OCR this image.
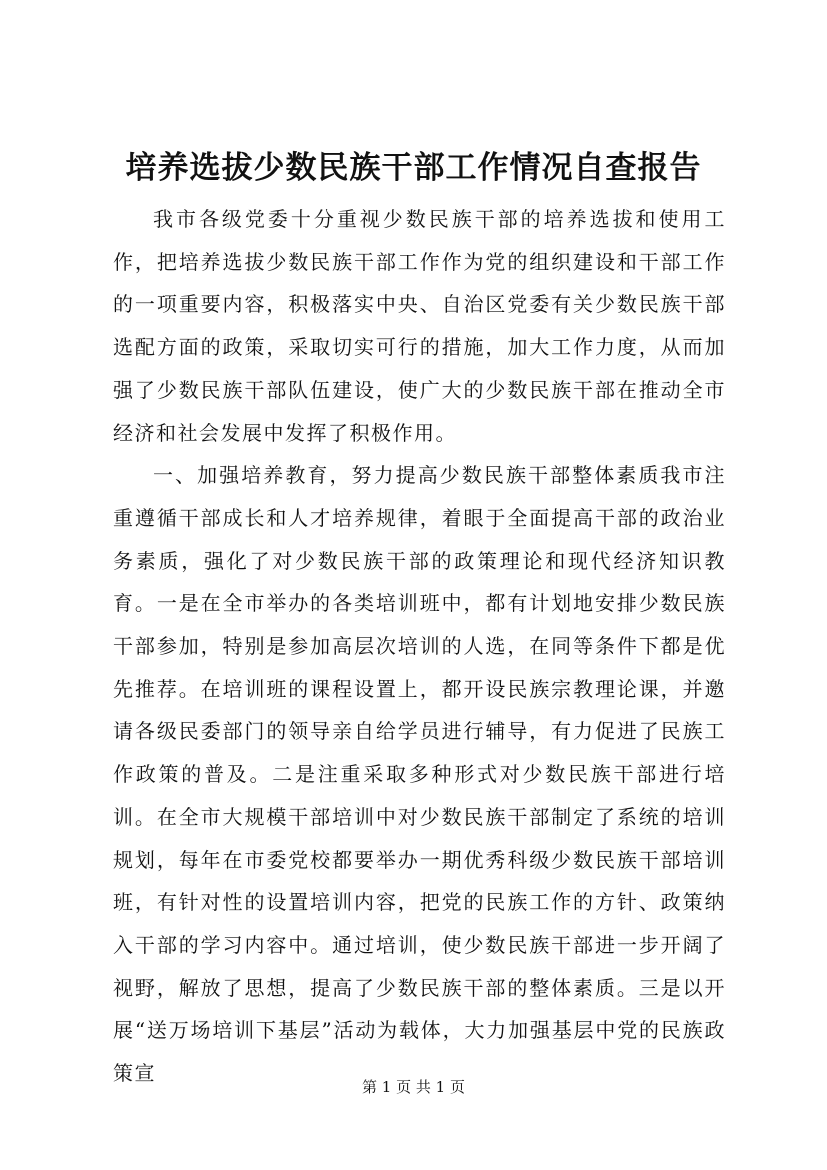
培养选拔少数民族干部工作情况自查报告

我市各级党委十分重视少数民族干部的培养选拔和使用工作，把培养选拔少数民族干部工作作为党的组织建设和干部工作的一项重要内容，积极落实中央、自治区党委有关少数民族干部选配方面的政策，采取切实可行的措施，加大工作力度，从而加强了少数民族干部队伍建设，使广大的少数民族干部在推动全市经济和社会发展中发挥了积极作用。

一、加强培养教育，努力提高少数民族干部整体素质我市注重遵循干部成长和人才培养规律，着眼于全面提高干部的政治业务素质，强化了对少数民族干部的政策理论和现代经济知识教育。一是在全市举办的各类培训班中，都有计划地安排少数民族干部参加，特别是参加高层次培训的人选，在同等条件下都是优先推荐。在培训班的课程设置上，都开设民族宗教理论课，并邀请各级民委部门的领导亲自给学员进行辅导，有力促进了民族工作政策的普及。二是注重采取多种形式对少数民族干部进行培训。在全市大规模干部培训中对少数民族干部制定了系统的培训规划，每年在市委党校都要举办一期优秀科级少数民族干部培训班，有针对性的设置培训内容，把党的民族工作的方针、政策纳入干部的学习内容中。通过培训，使少数民族干部进一步开阔了视野，解放了思想，提高了少数民族干部的整体素质。三是以开展“送万场培训下基层”活动为载体，大力加强基层中党的民族政策宣

第 1 页 共 1 页
